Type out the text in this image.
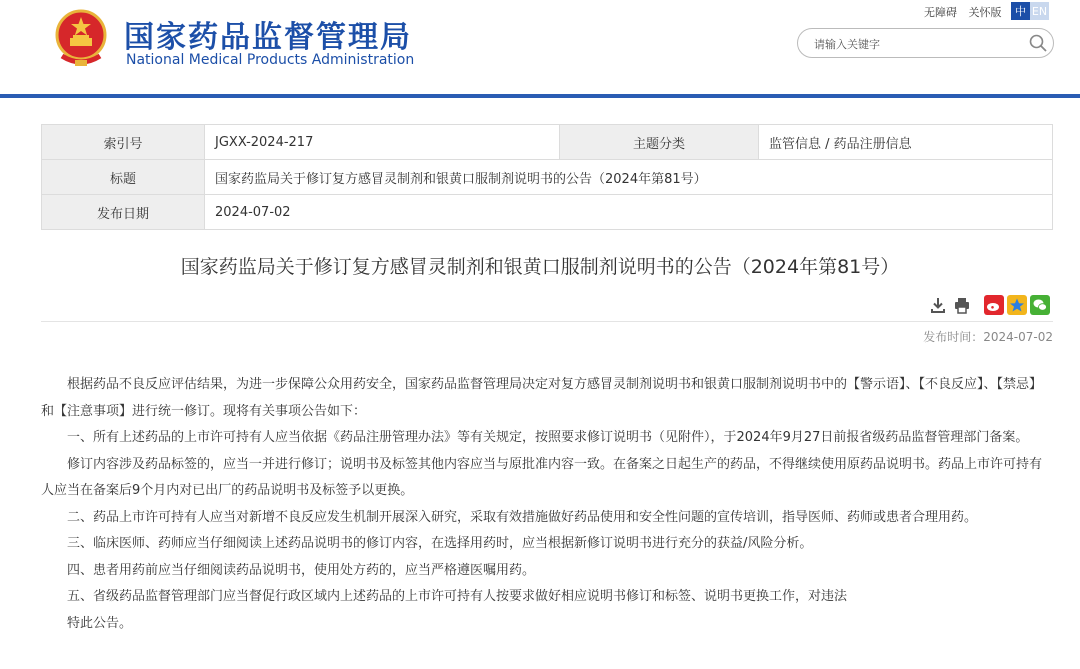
国家药品监督管理局
National Medical Products Administration
无障碍 关怀版	中 EN
请输入关键字
索引号	JGXX-2024-217	主题分类	监管信息 / 药品注册信息
标题	国家药监局关于修订复方感冒灵制剂和银黄口服制剂说明书的公告（2024年第81号）		
发布日期	2024-07-02		
国家药监局关于修订复方感冒灵制剂和银黄口服制剂说明书的公告（2024年第81号）
发布时间：2024-07-02

根据药品不良反应评估结果，为进一步保障公众用药安全，国家药品监督管理局决定对复方感冒灵制剂说明书和银黄口服制剂说明书中的【警示语】、【不良反应】、【禁忌】和【注意事项】进行统一修订。现将有关事项公告如下：

一、所有上述药品的上市许可持有人应当依据《药品注册管理办法》等有关规定，按照要求修订说明书（见附件），于2024年9月27日前报省级药品监督管理部门备案。

修订内容涉及药品标签的，应当一并进行修订；说明书及标签其他内容应当与原批准内容一致。在备案之日起生产的药品，不得继续使用原药品说明书。药品上市许可持有人应当在备案后9个月内对已出厂的药品说明书及标签予以更换。

二、药品上市许可持有人应当对新增不良反应发生机制开展深入研究，采取有效措施做好药品使用和安全性问题的宣传培训，指导医师、药师或患者合理用药。

三、临床医师、药师应当仔细阅读上述药品说明书的修订内容，在选择用药时，应当根据新修订说明书进行充分的获益/风险分析。

四、患者用药前应当仔细阅读药品说明书，使用处方药的，应当严格遵医嘱用药。

五、省级药品监督管理部门应当督促行政区域内上述药品的上市许可持有人按要求做好相应说明书修订和标签、说明书更换工作，对违法

特此公告。
